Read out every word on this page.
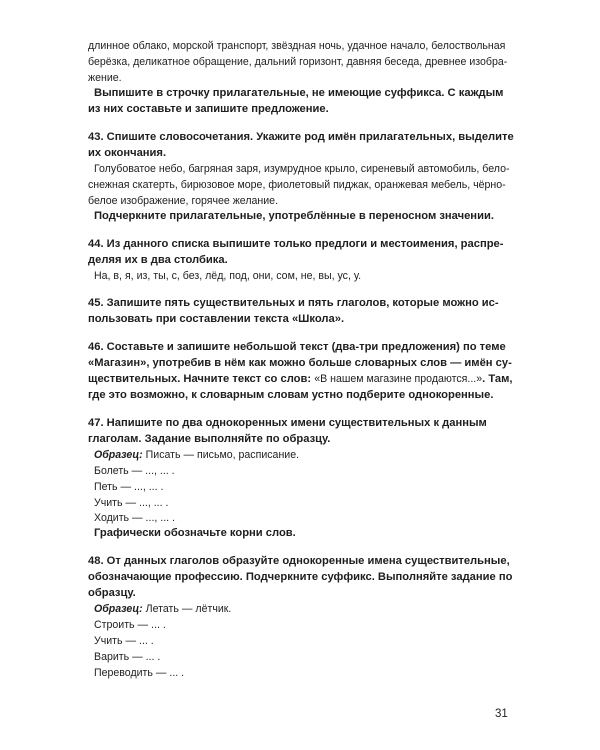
длинное облако, морской транспорт, звёздная ночь, удачное начало, белоствольная

берёзка, деликатное обращение, дальний горизонт, давняя беседа, древнее изобра-

жение.

Выпишите в строчку прилагательные, не имеющие суффикса. С каждым

из них составьте и запишите предложение.

43. Спишите словосочетания. Укажите род имён прилагательных, выделите

их окончания.

Голубоватое небо, багряная заря, изумрудное крыло, сиреневый автомобиль, бело-

снежная скатерть, бирюзовое море, фиолетовый пиджак, оранжевая мебель, чёрно-

белое изображение, горячее желание.

Подчеркните прилагательные, употреблённые в переносном значении.

44. Из данного списка выпишите только предлоги и местоимения, распре-

деляя их в два столбика.

На, в, я, из, ты, с, без, лёд, под, они, сом, не, вы, ус, у.

45. Запишите пять существительных и пять глаголов, которые можно ис-

пользовать при составлении текста «Школа».

46. Составьте и запишите небольшой текст (два-три предложения) по теме

«Магазин», употребив в нём как можно больше словарных слов — имён су-

ществительных. Начните текст со слов: «В нашем магазине продаются...». Там,

где это возможно, к словарным словам устно подберите однокоренные.

47. Напишите по два однокоренных имени существительных к данным

глаголам. Задание выполняйте по образцу.

Образец: Писать — письмо, расписание.

Болеть — ..., ... .

Петь — ..., ... .

Учить — ..., ... .

Ходить — ..., ... .

Графически обозначьте корни слов.

48. От данных глаголов образуйте однокоренные имена существительные,

обозначающие профессию. Подчеркните суффикс. Выполняйте задание по

образцу.

Образец: Летать — лётчик.

Строить — ... .

Учить — ... .

Варить — ... .

Переводить — ... .

31
